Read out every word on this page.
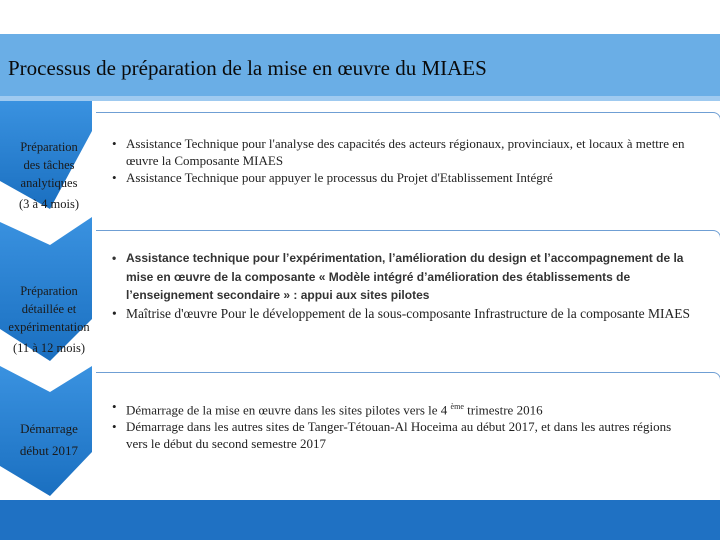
Processus de préparation de la mise en œuvre du MIAES
Préparation
des tâches
analytiques
(3 à 4 mois)
• Assistance Technique pour l'analyse des capacités des acteurs régionaux, provinciaux, et locaux à mettre en œuvre la Composante MIAES
• Assistance Technique pour appuyer le processus du Projet d'Etablissement Intégré
Préparation
détaillée et
expérimentation
(11 à 12 mois)
• Assistance technique pour l’expérimentation, l’amélioration du design et l’accompagnement de la mise en œuvre de la composante « Modèle intégré d’amélioration des établissements de l’enseignement secondaire » : appui aux sites pilotes
• Maîtrise d'œuvre Pour le développement de la sous-composante Infrastructure de la composante MIAES
Démarrage
début 2017
• Démarrage de la mise en œuvre dans les sites pilotes vers le 4 $^{ème}$ trimestre 2016
• Démarrage dans les autres sites de Tanger-Tétouan-Al Hoceima au début 2017, et dans les autres régions vers le début du second semestre 2017
